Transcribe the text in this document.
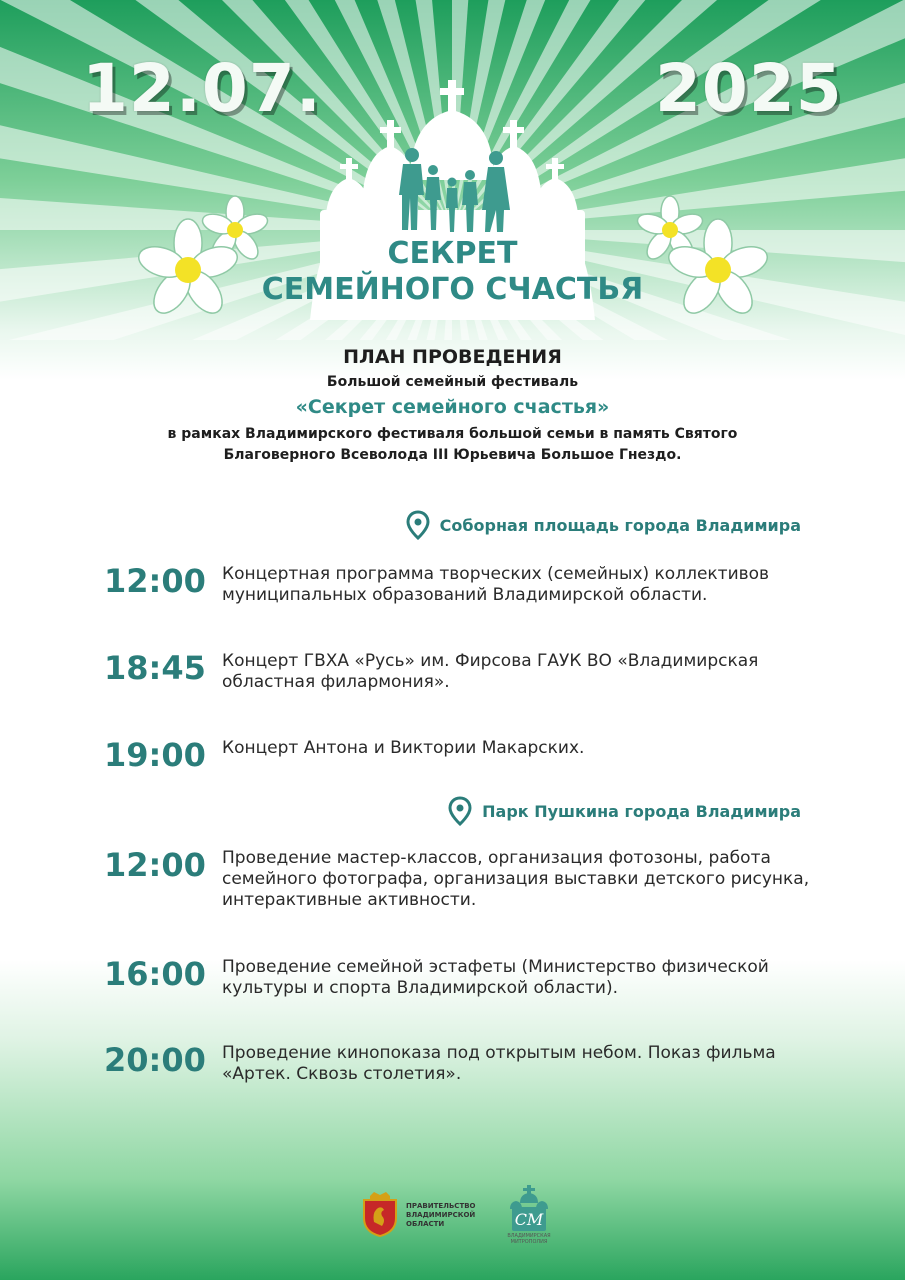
12.07.	2025
СЕКРЕТ
СЕМЕЙНОГО СЧАСТЬЯ
ПЛАН ПРОВЕДЕНИЯ
Большой семейный фестиваль
«Секрет семейного счастья»
в рамках Владимирского фестиваля большой семьи в память Святого
Благоверного Всеволода III Юрьевича Большое Гнездо.
Соборная площадь города Владимира
12:00 Концертная программа творческих (семейных) коллективов муниципальных образований Владимирской области.
18:45 Концерт ГВХА «Русь» им. Фирсова ГАУК ВО «Владимирская областная филармония».
19:00 Концерт Антона и Виктории Макарских.
Парк Пушкина города Владимира
12:00 Проведение мастер-классов, организация фотозоны, работа семейного фотографа, организация выставки детского рисунка, интерактивные активности.
16:00 Проведение семейной эстафеты (Министерство физической культуры и спорта Владимирской области).
20:00 Проведение кинопоказа под открытым небом. Показ фильма «Артек. Сквозь столетия».
ПРАВИТЕЛЬСТВО ВЛАДИМИРСКОЙ ОБЛАСТИ	СМ
ВЛАДИМИРСКАЯ МИТРОПОЛИЯ
